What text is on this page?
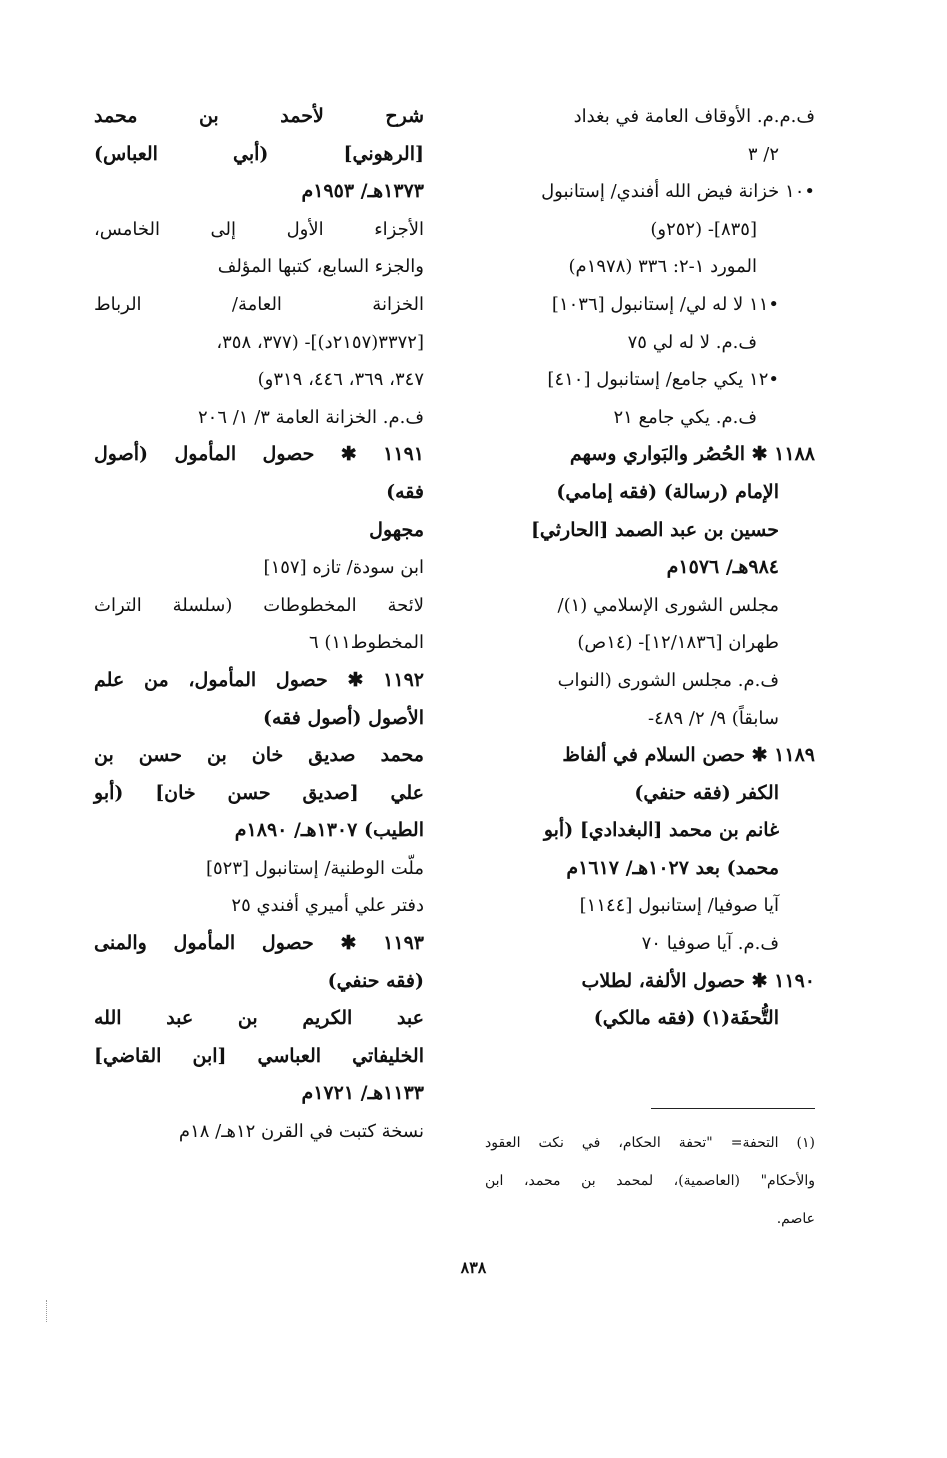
ف.م.م. الأوقاف العامة في بغداد
٢/ ٣
•١٠ خزانة فيض الله أفندي/ إستانبول
[٨٣٥]- (٢٥٢و)
المورد ١-٢: ٣٣٦ (١٩٧٨م)
•١١ لا له لي/ إستانبول [١٠٣٦]
ف.م. لا له لي ٧٥
•١٢ يكي جامع/ إستانبول [٤١٠]
ف.م. يكي جامع ٢١
١١٨٨ ✱ الحُصُر والبَواري وسهم
الإمام (رسالة) (فقه إمامي)
حسين بن عبد الصمد [الحارثي]
٩٨٤هـ/ ١٥٧٦م
مجلس الشورى الإسلامي (١)/
طهران [١٢/١٨٣٦]- (١٤ص)
ف.م. مجلس الشورى (النواب
سابقاً) ٩/ ٢/ ٤٨٩-
١١٨٩ ✱ حصن السلام في ألفاظ
الكفر (فقه حنفي)
غانم بن محمد [البغدادي] (أبو
محمد) بعد ١٠٢٧هـ/ ١٦١٧م
آيا صوفيا/ إستانبول [١١٤٤]
ف.م. آيا صوفيا ٧٠
١١٩٠ ✱ حصول الألفة، لطلاب
التُّحفَة(١) (فقه مالكي)
شرح لأحمد بن محمد
[الرهوني] (أبي العباس)
١٣٧٣هـ/ ١٩٥٣م
الأجزاء الأول إلى الخامس،
والجزء السابع، كتبها المؤلف
الخزانة العامة/ الرباط
[٣٣٧٢(٢١٥٧د)]- (٣٧٧، ٣٥٨،
٣٤٧، ٣٦٩، ٤٤٦، ٣١٩و)
ف.م. الخزانة العامة ٣/ ١/ ٢٠٦
١١٩١ ✱ حصول المأمول (أصول
فقه)
مجهول
ابن سودة/ تازه [١٥٧]
لائحة المخطوطات (سلسلة التراث
المخطوط١١) ٦
١١٩٢ ✱ حصول المأمول، من علم
الأصول (أصول فقه)
محمد صديق خان بن حسن بن
علي [صديق حسن خان] (أبو
الطيب) ١٣٠٧هـ/ ١٨٩٠م
ملّت الوطنية/ إستانبول [٥٢٣]
دفتر علي أميري أفندي ٢٥
١١٩٣ ✱ حصول المأمول والمنى
(فقه حنفي)
عبد الكريم بن عبد الله
الخليفاتي العباسي [ابن القاضي]
١١٣٣هـ/ ١٧٢١م
نسخة كتبت في القرن ١٢هـ/ ١٨م
(١) التحفة= "تحفة الحكام، في نكت العقود
والأحكام" (العاصمية)، لمحمد بن محمد، ابن
عاصم.
٨٣٨
